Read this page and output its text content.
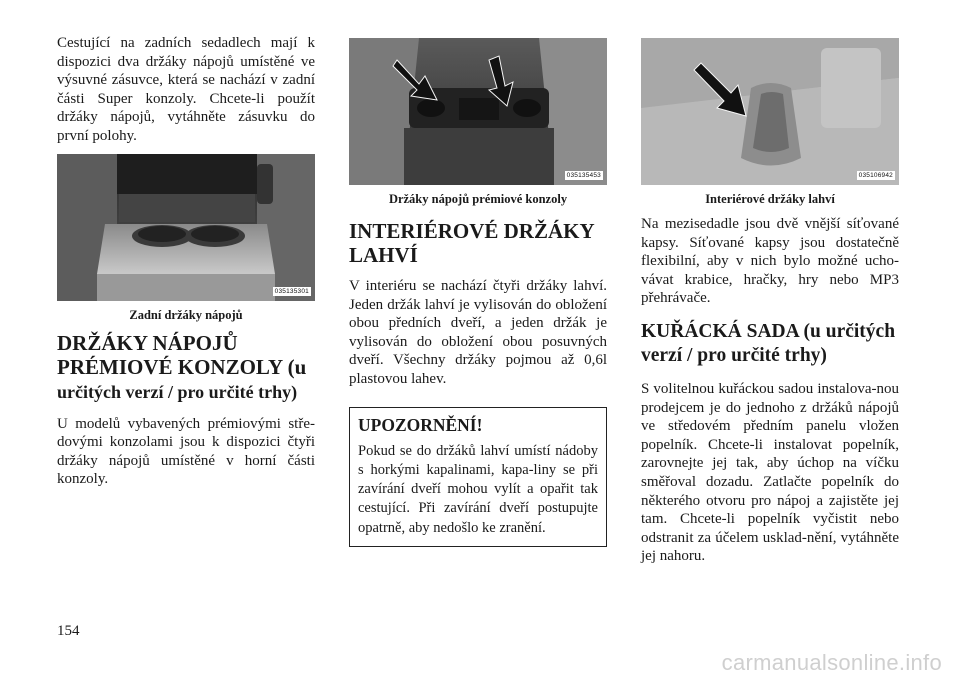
Cestující na zadních sedadlech mají k dispozici dva držáky nápojů umístěné ve výsuvné zásuvce, která se nachází v zadní části Super konzoly. Chcete-li použít držáky nápojů, vytáhněte zásuvku do první polohy.

035135301

Zadní držáky nápojů

DRŽÁKY NÁPOJŮ
PRÉMIOVÉ KONZOLY (u
určitých verzí / pro určité trhy)

U modelů vybavených prémiovými stře-dovými konzolami jsou k dispozici čtyři držáky nápojů umístěné v horní části konzoly.

035135453

Držáky nápojů prémiové konzoly

INTERIÉROVÉ DRŽÁKY
LAHVÍ

V interiéru se nachází čtyři držáky lahví. Jeden držák lahví je vylisován do obložení obou předních dveří, a jeden držák je vylisován do obložení obou posuvných dveří. Všechny držáky pojmou až 0,6l plastovou lahev.

UPOZORNĚNÍ!

Pokud se do držáků lahví umístí nádoby s horkými kapalinami, kapa-liny se při zavírání dveří mohou vylít a opařit tak cestující. Při zavírání dveří postupujte opatrně, aby nedošlo ke zranění.

035106942

Interiérové držáky lahví

Na mezisedadle jsou dvě vnější síťované kapsy. Síťované kapsy jsou dostatečně flexibilní, aby v nich bylo možné ucho-vávat krabice, hračky, hry nebo MP3 přehrávače.

KUŘÁCKÁ SADA (u určitých
verzí / pro určité trhy)

S volitelnou kuřáckou sadou instalova-nou prodejcem je do jednoho z držáků nápojů ve středovém předním panelu vložen popelník. Chcete-li instalovat popelník, zarovnejte jej tak, aby úchop na víčku směřoval dozadu. Zatlačte popelník do některého otvoru pro nápoj a zajistěte jej tam. Chcete-li popelník vyčistit nebo odstranit za účelem usklad-nění, vytáhněte jej nahoru.

154
carmanualsonline.info
